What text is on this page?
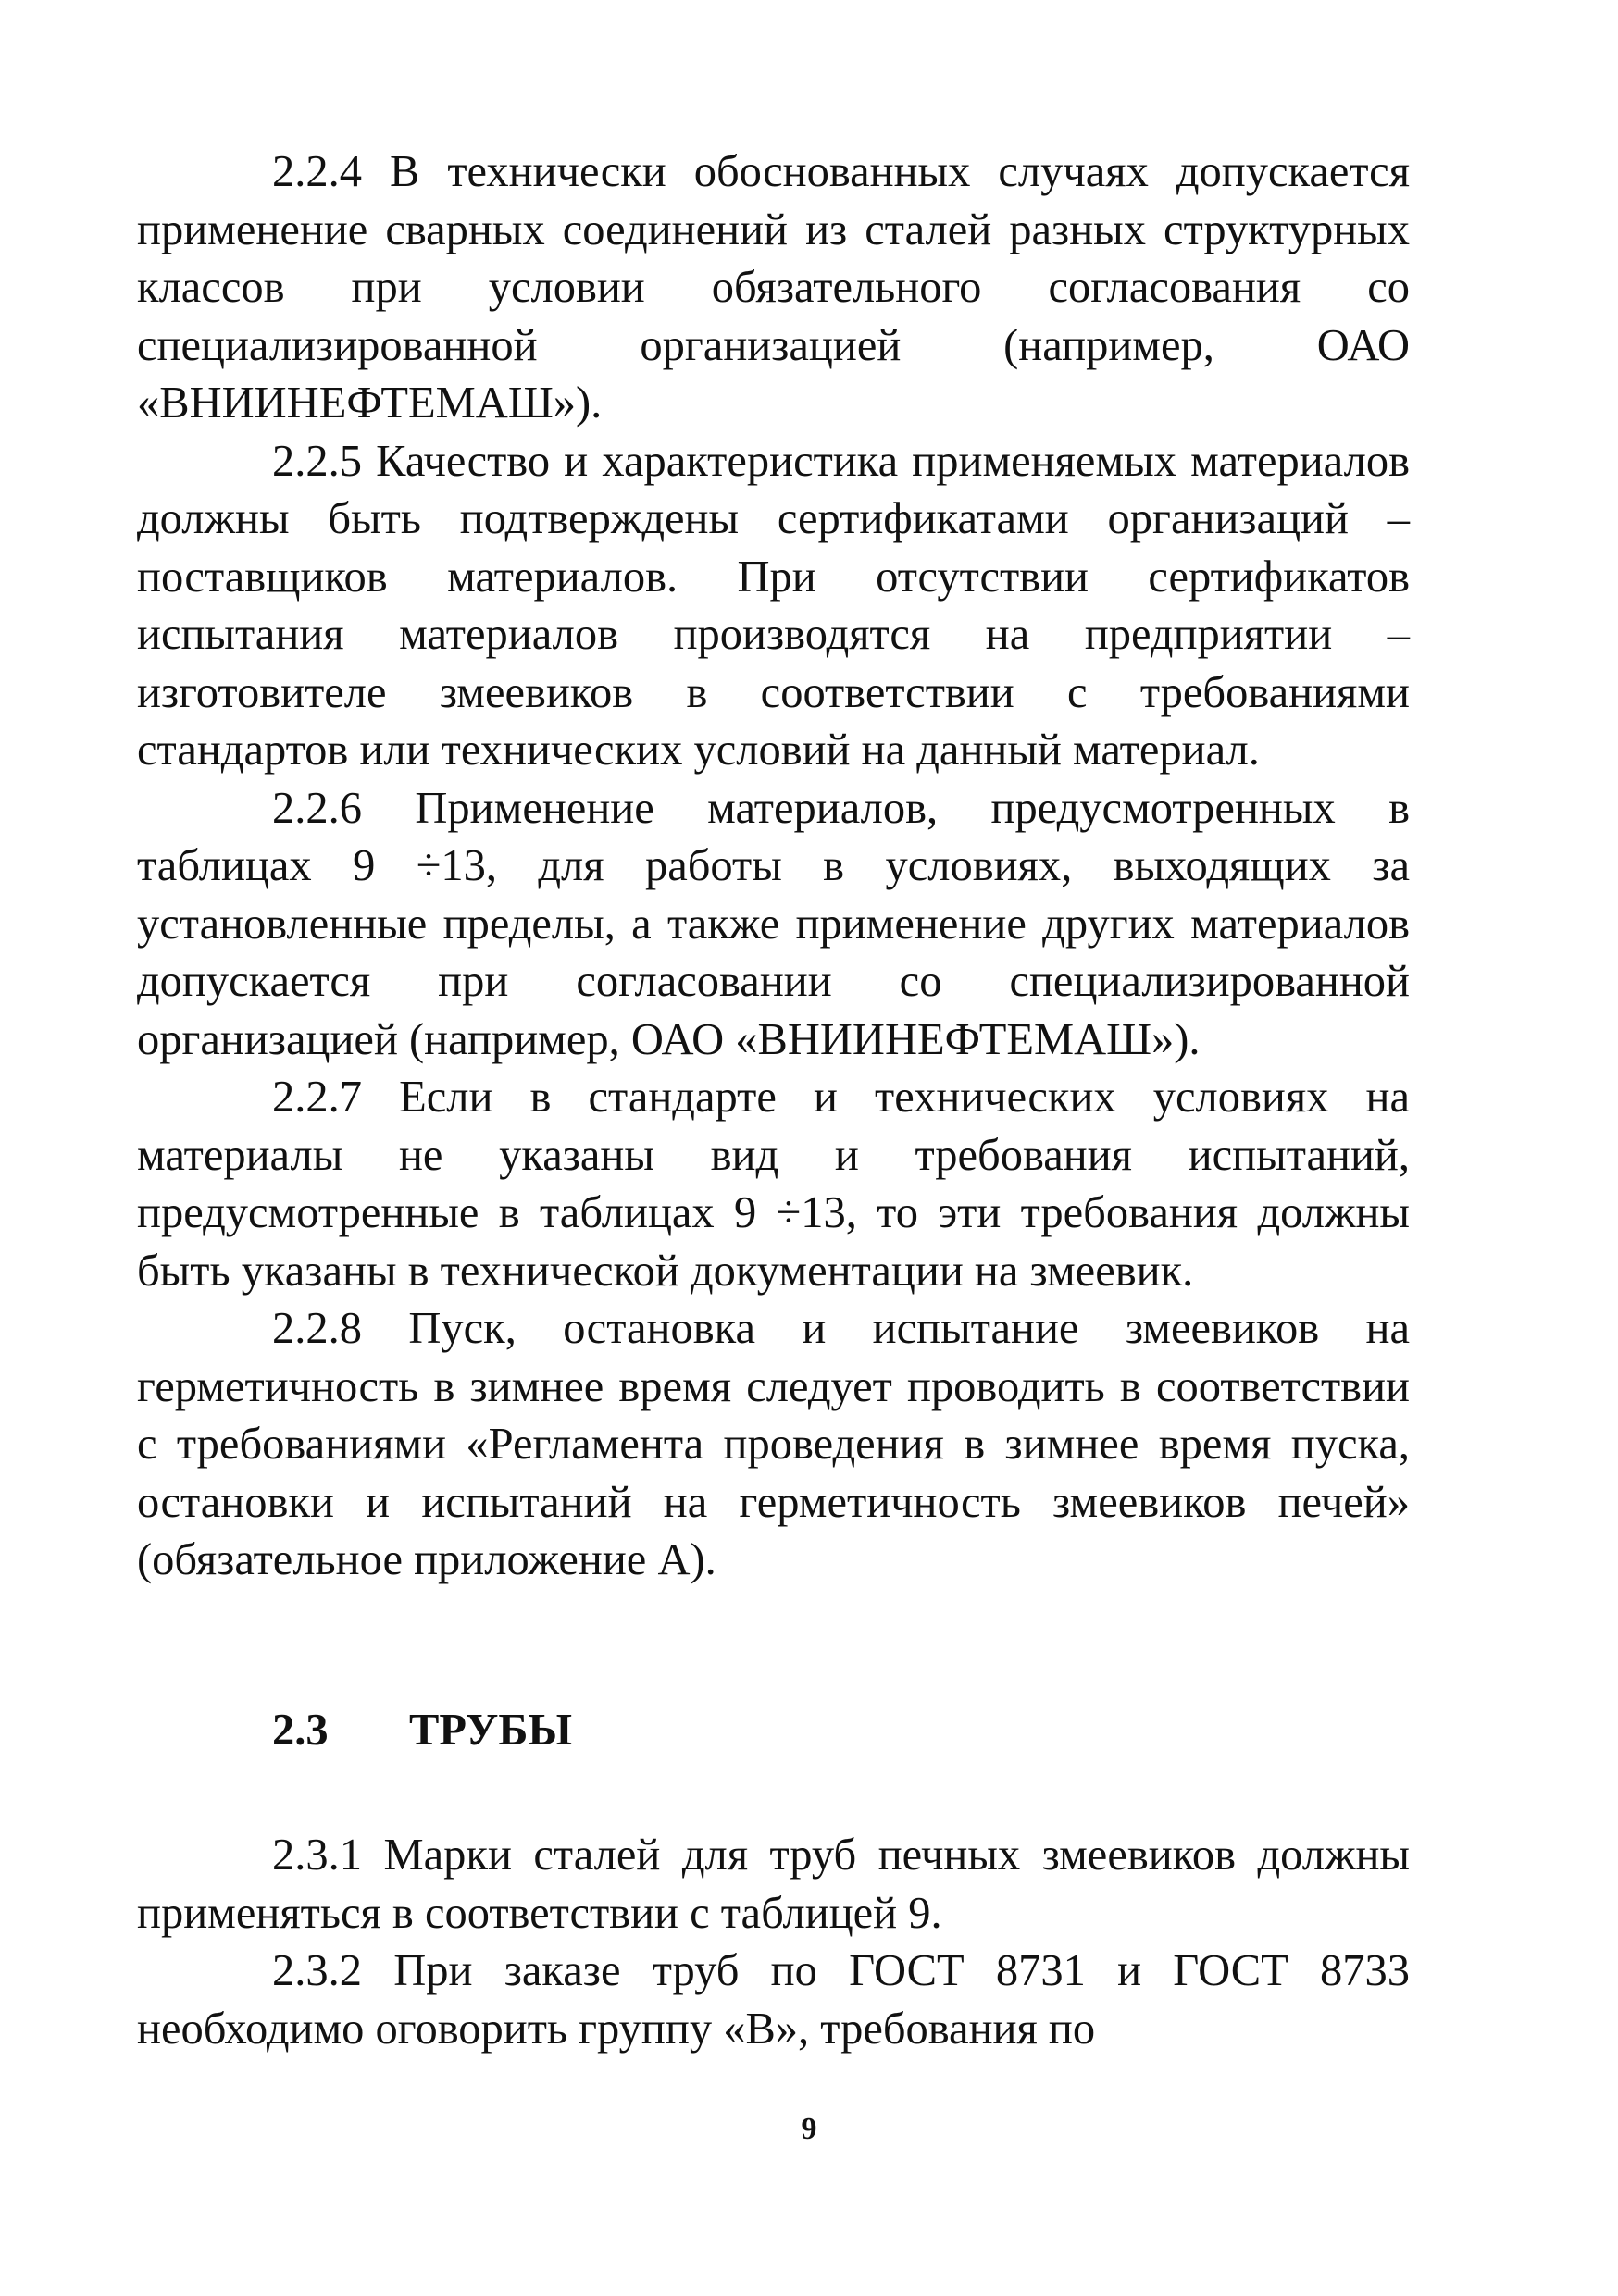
2.2.4 В технически обоснованных случаях допускается применение сварных соединений из сталей разных структурных классов при условии обязательного согласования со специализированной организацией (например, ОАО «ВНИИНЕФТЕМАШ»).

2.2.5 Качество и характеристика применяемых материалов должны быть подтверждены сертификатами организаций – поставщиков материалов. При отсутствии сертификатов испытания материалов производятся на предприятии – изготовителе змеевиков в соответствии с требованиями стандартов или технических условий на данный материал.

2.2.6 Применение материалов, предусмотренных в таблицах 9 ÷13, для работы в условиях, выходящих за установленные пределы, а также применение других материалов допускается при согласовании со специализированной организацией (например, ОАО «ВНИИНЕФТЕМАШ»).

2.2.7 Если в стандарте и технических условиях на материалы не указаны вид и требования испытаний, предусмотренные в таблицах 9 ÷13, то эти требования должны быть указаны в технической документации на змеевик.

2.2.8 Пуск, остановка и испытание змеевиков на герметичность в зимнее время следует проводить в соответствии с требованиями «Регламента проведения в зимнее время пуска, остановки и испытаний на герметичность змеевиков печей» (обязательное приложение А).

2.3 ТРУБЫ

2.3.1 Марки сталей для труб печных змеевиков должны применяться в соответствии с таблицей 9.

2.3.2 При заказе труб по ГОСТ 8731 и ГОСТ 8733 необходимо оговорить группу «В», требования по

9
